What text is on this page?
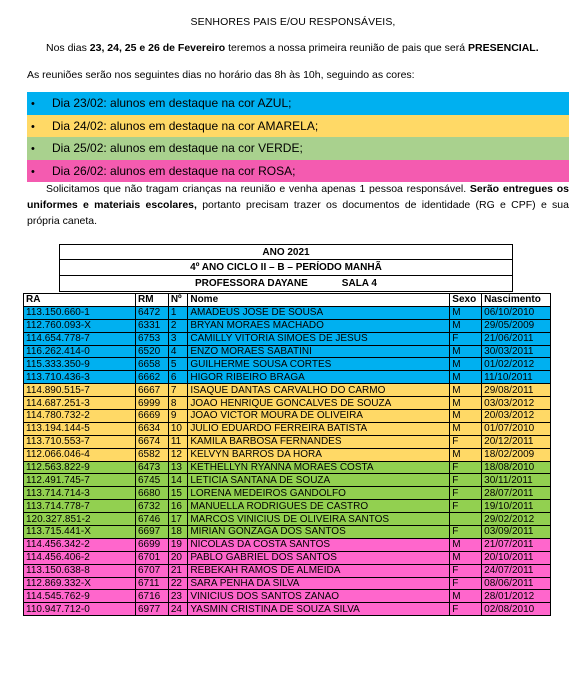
SENHORES PAIS E/OU RESPONSÁVEIS,
Nos dias 23, 24, 25 e 26 de Fevereiro teremos a nossa primeira reunião de pais que será PRESENCIAL.
As reuniões serão nos seguintes dias no horário das 8h às 10h, seguindo as cores:
• Dia 23/02: alunos em destaque na cor AZUL;
• Dia 24/02: alunos em destaque na cor AMARELA;
• Dia 25/02: alunos em destaque na cor VERDE;
• Dia 26/02: alunos em destaque na cor ROSA;
Solicitamos que não tragam crianças na reunião e venha apenas 1 pessoa responsável. Serão entregues os uniformes e materiais escolares, portanto precisam trazer os documentos de identidade (RG e CPF) e sua própria caneta.
ANO 2021
4º ANO CICLO II – B – PERÍODO MANHÃ
PROFESSORA DAYANE	SALA 4
RA	RM	Nº	Nome	Sexo	Nascimento
113.150.660-1	6472	1	AMADEUS JOSE DE SOUSA	M	06/10/2010
112.760.093-X	6331	2	BRYAN MORAES MACHADO	M	29/05/2009
114.654.778-7	6753	3	CAMILLY VITORIA SIMOES DE JESUS	F	21/06/2011
116.262.414-0	6520	4	ENZO MORAES SABATINI	M	30/03/2011
115.333.350-9	6658	5	GUILHERME SOUSA CORTES	M	01/02/2012
113.710.436-3	6662	6	HIGOR RIBEIRO BRAGA	M	11/10/2011
114.890.515-7	6667	7	ISAQUE DANTAS CARVALHO DO CARMO	M	29/08/2011
114.687.251-3	6999	8	JOAO HENRIQUE GONCALVES DE SOUZA	M	03/03/2012
114.780.732-2	6669	9	JOAO VICTOR MOURA DE OLIVEIRA	M	20/03/2012
113.194.144-5	6634	10	JULIO EDUARDO FERREIRA BATISTA	M	01/07/2010
113.710.553-7	6674	11	KAMILA BARBOSA FERNANDES	F	20/12/2011
112.066.046-4	6582	12	KELVYN BARROS DA HORA	M	18/02/2009
112.563.822-9	6473	13	KETHELLYN RYANNA MORAES COSTA	F	18/08/2010
112.491.745-7	6745	14	LETICIA SANTANA DE SOUZA	F	30/11/2011
113.714.714-3	6680	15	LORENA MEDEIROS GANDOLFO	F	28/07/2011
113.714.778-7	6732	16	MANUELLA RODRIGUES DE CASTRO	F	19/10/2011
120.327.851-2	6746	17	MARCOS VINICIUS DE OLIVEIRA SANTOS		29/02/2012
113.715.441-X	6697	18	MIRIAN GONZAGA DOS SANTOS	F	03/09/2011
114.456.342-2	6699	19	NICOLAS DA COSTA SANTOS	M	21/07/2011
114.456.406-2	6701	20	PABLO GABRIEL DOS SANTOS	M	20/10/2011
113.150.638-8	6707	21	REBEKAH RAMOS DE ALMEIDA	F	24/07/2011
112.869.332-X	6711	22	SARA PENHA DA SILVA	F	08/06/2011
114.545.762-9	6716	23	VINICIUS DOS SANTOS ZANAO	M	28/01/2012
110.947.712-0	6977	24	YASMIN CRISTINA DE SOUZA SILVA	F	02/08/2010
